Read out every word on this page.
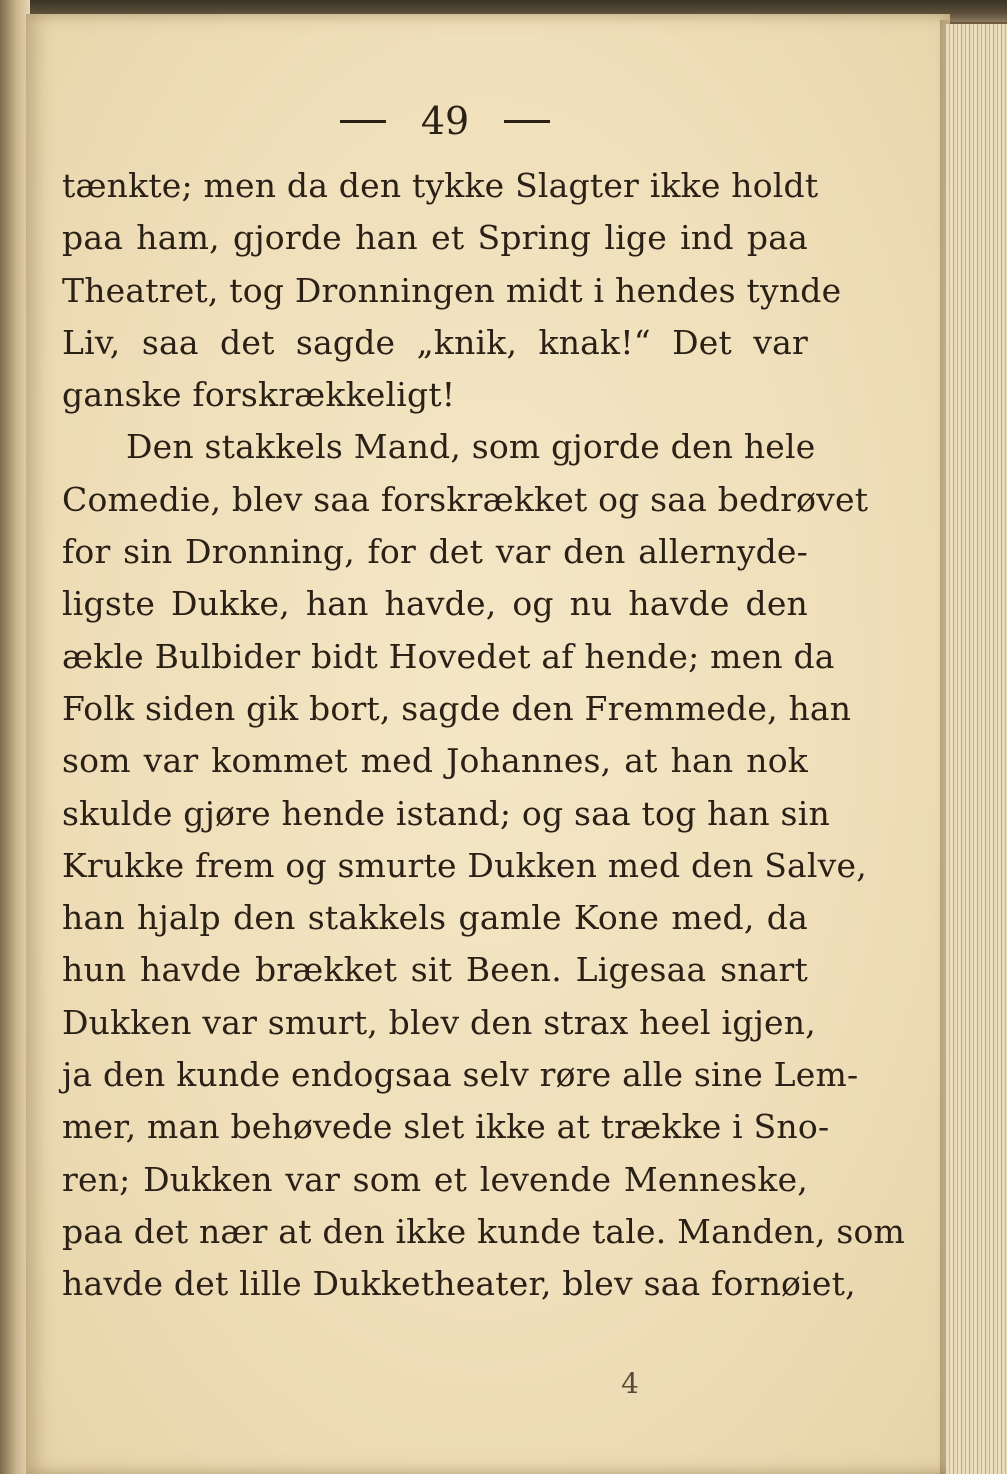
49
tænkte; men da den tykke Slagter ikke holdt
paa ham, gjorde han et Spring lige ind paa
Theatret, tog Dronningen midt i hendes tynde
Liv, saa det sagde „knik, knak!“ Det var
ganske forskrækkeligt!
Den stakkels Mand, som gjorde den hele
Comedie, blev saa forskrækket og saa bedrøvet
for sin Dronning, for det var den allernyde-
ligste Dukke, han havde, og nu havde den
ækle Bulbider bidt Hovedet af hende; men da
Folk siden gik bort, sagde den Fremmede, han
som var kommet med Johannes, at han nok
skulde gjøre hende istand; og saa tog han sin
Krukke frem og smurte Dukken med den Salve,
han hjalp den stakkels gamle Kone med, da
hun havde brækket sit Been. Ligesaa snart
Dukken var smurt, blev den strax heel igjen,
ja den kunde endogsaa selv røre alle sine Lem-
mer, man behøvede slet ikke at trække i Sno-
ren; Dukken var som et levende Menneske,
paa det nær at den ikke kunde tale. Manden, som
havde det lille Dukketheater, blev saa fornøiet,
4
